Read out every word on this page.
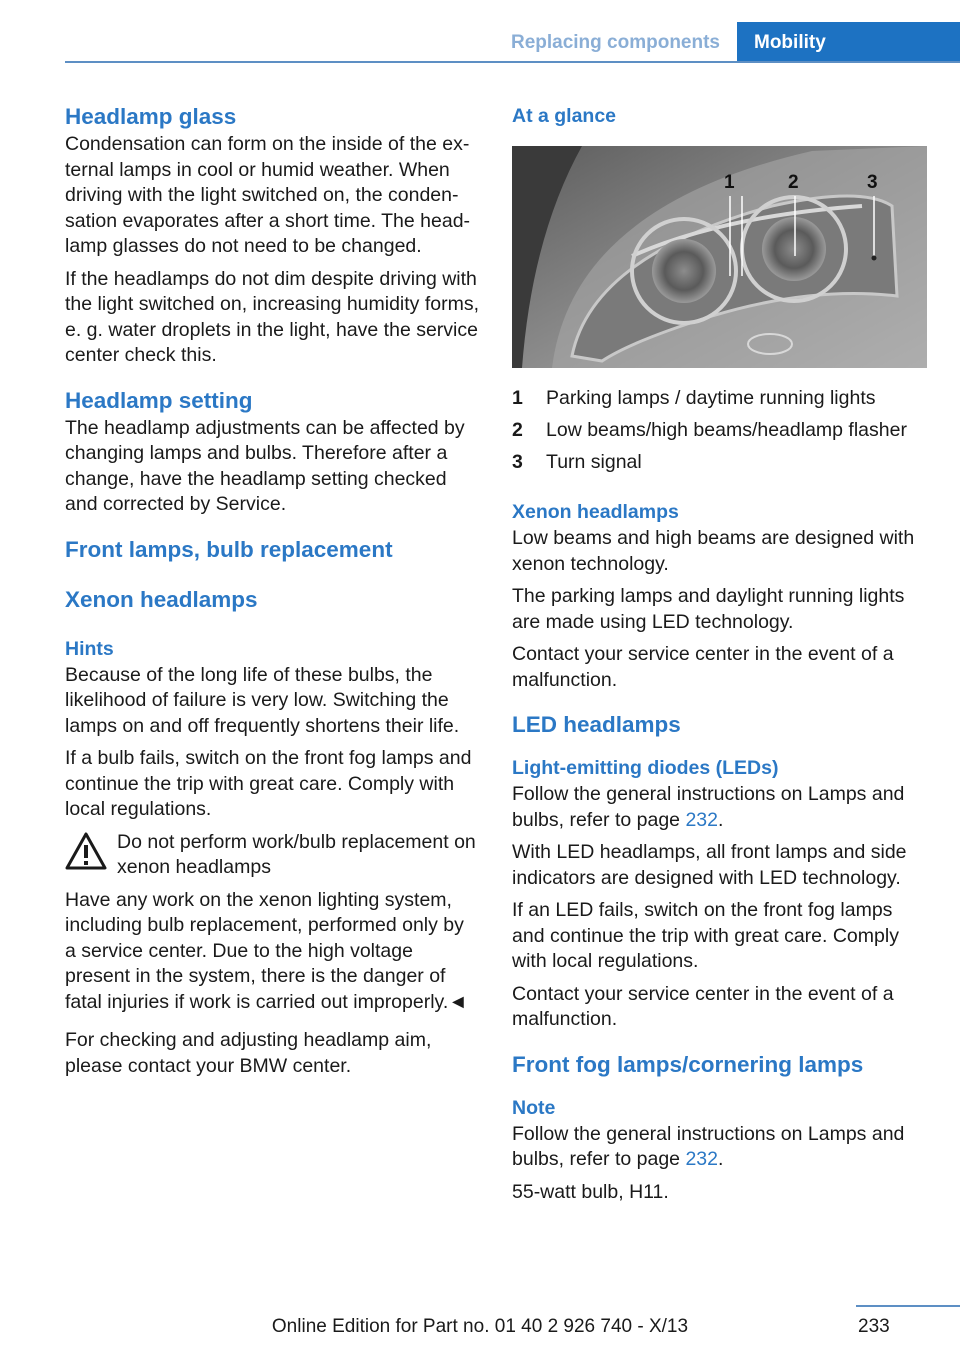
Replacing components	Mobility
Headlamp glass

Condensation can form on the inside of the ex‐ternal lamps in cool or humid weather. When driving with the light switched on, the conden‐sation evaporates after a short time. The head‐lamp glasses do not need to be changed.

If the headlamps do not dim despite driving with the light switched on, increasing humidity forms, e. g. water droplets in the light, have the service center check this.

Headlamp setting

The headlamp adjustments can be affected by changing lamps and bulbs. Therefore after a change, have the headlamp setting checked and corrected by Service.

Front lamps, bulb replacement
Xenon headlamps
Hints

Because of the long life of these bulbs, the likelihood of failure is very low. Switching the lamps on and off frequently shortens their life.

If a bulb fails, switch on the front fog lamps and continue the trip with great care. Comply with local regulations.

Do not perform work/bulb replacement on xenon headlamps

Have any work on the xenon lighting system, including bulb replacement, performed only by a service center. Due to the high voltage present in the system, there is the danger of fatal injuries if work is carried out improperly.◄

For checking and adjusting headlamp aim, please contact your BMW center.

At a glance
1	2	3
1	Parking lamps / daytime running lights
2	Low beams/high beams/headlamp flasher
3	Turn signal
Xenon headlamps

Low beams and high beams are designed with xenon technology.

The parking lamps and daylight running lights are made using LED technology.

Contact your service center in the event of a malfunction.

LED headlamps
Light-emitting diodes (LEDs)

Follow the general instructions on Lamps and bulbs, refer to page 232.

With LED headlamps, all front lamps and side indicators are designed with LED technology.

If an LED fails, switch on the front fog lamps and continue the trip with great care. Comply with local regulations.

Contact your service center in the event of a malfunction.

Front fog lamps/cornering lamps
Note

Follow the general instructions on Lamps and bulbs, refer to page 232.

55-watt bulb, H11.

233
Online Edition for Part no. 01 40 2 926 740 - X/13
